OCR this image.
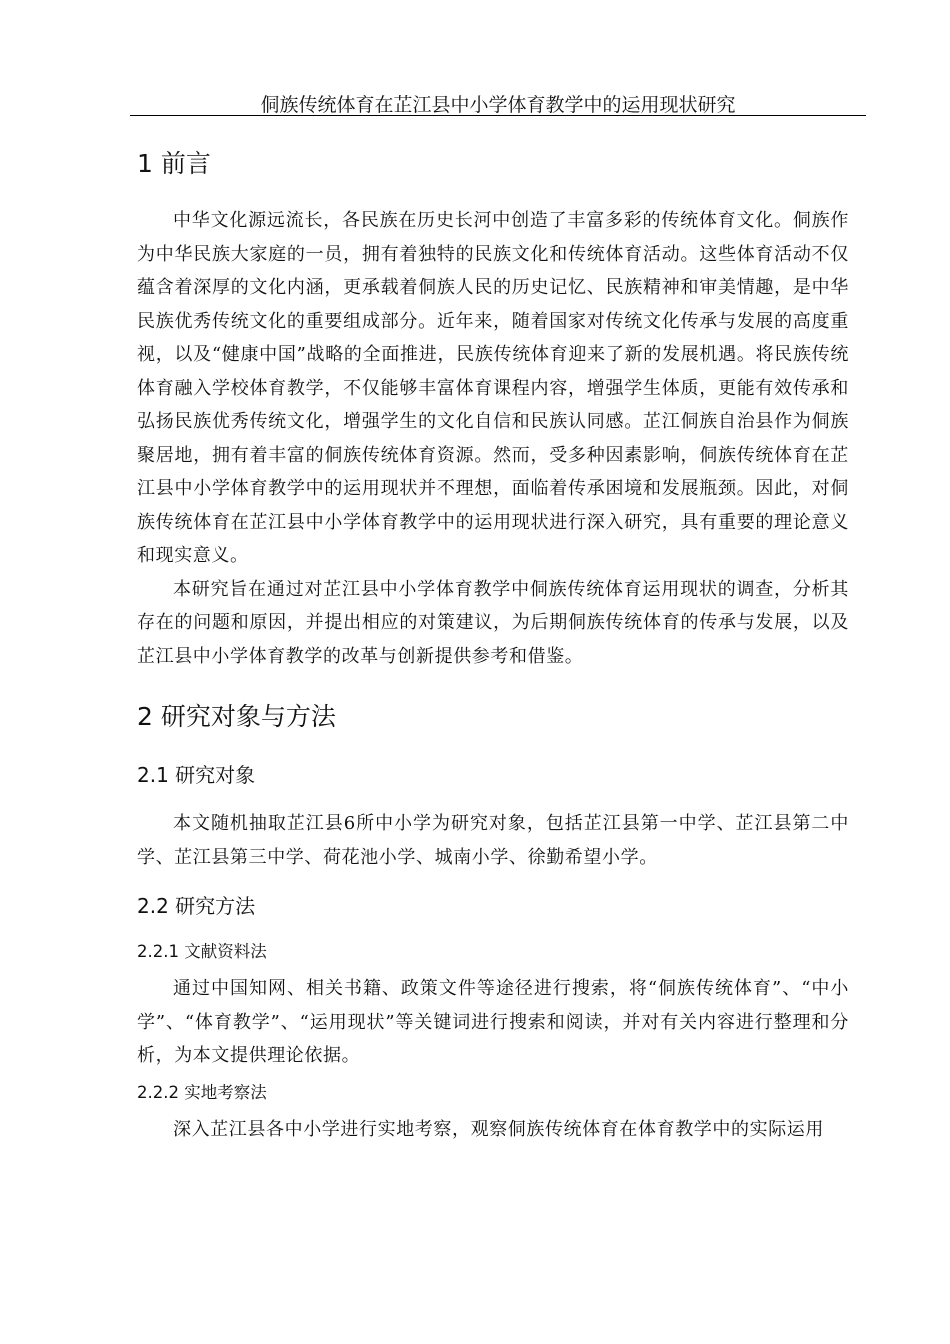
侗族传统体育在芷江县中小学体育教学中的运用现状研究
1 前言

中华文化源远流长，各民族在历史长河中创造了丰富多彩的传统体育文化。侗族作为中华民族大家庭的一员，拥有着独特的民族文化和传统体育活动。这些体育活动不仅蕴含着深厚的文化内涵，更承载着侗族人民的历史记忆、民族精神和审美情趣，是中华民族优秀传统文化的重要组成部分。近年来，随着国家对传统文化传承与发展的高度重视，以及“健康中国”战略的全面推进，民族传统体育迎来了新的发展机遇。将民族传统体育融入学校体育教学，不仅能够丰富体育课程内容，增强学生体质，更能有效传承和弘扬民族优秀传统文化，增强学生的文化自信和民族认同感。芷江侗族自治县作为侗族聚居地，拥有着丰富的侗族传统体育资源。然而，受多种因素影响，侗族传统体育在芷江县中小学体育教学中的运用现状并不理想，面临着传承困境和发展瓶颈。因此，对侗族传统体育在芷江县中小学体育教学中的运用现状进行深入研究，具有重要的理论意义和现实意义。

本研究旨在通过对芷江县中小学体育教学中侗族传统体育运用现状的调查，分析其存在的问题和原因，并提出相应的对策建议，为后期侗族传统体育的传承与发展，以及芷江县中小学体育教学的改革与创新提供参考和借鉴。

2 研究对象与方法
2.1 研究对象

本文随机抽取芷江县6所中小学为研究对象，包括芷江县第一中学、芷江县第二中学、芷江县第三中学、荷花池小学、城南小学、徐勤希望小学。

2.2 研究方法
2.2.1 文献资料法

通过中国知网、相关书籍、政策文件等途径进行搜索，将“侗族传统体育”、“中小学”、“体育教学”、“运用现状”等关键词进行搜索和阅读，并对有关内容进行整理和分析，为本文提供理论依据。

2.2.2 实地考察法

深入芷江县各中小学进行实地考察，观察侗族传统体育在体育教学中的实际运用
